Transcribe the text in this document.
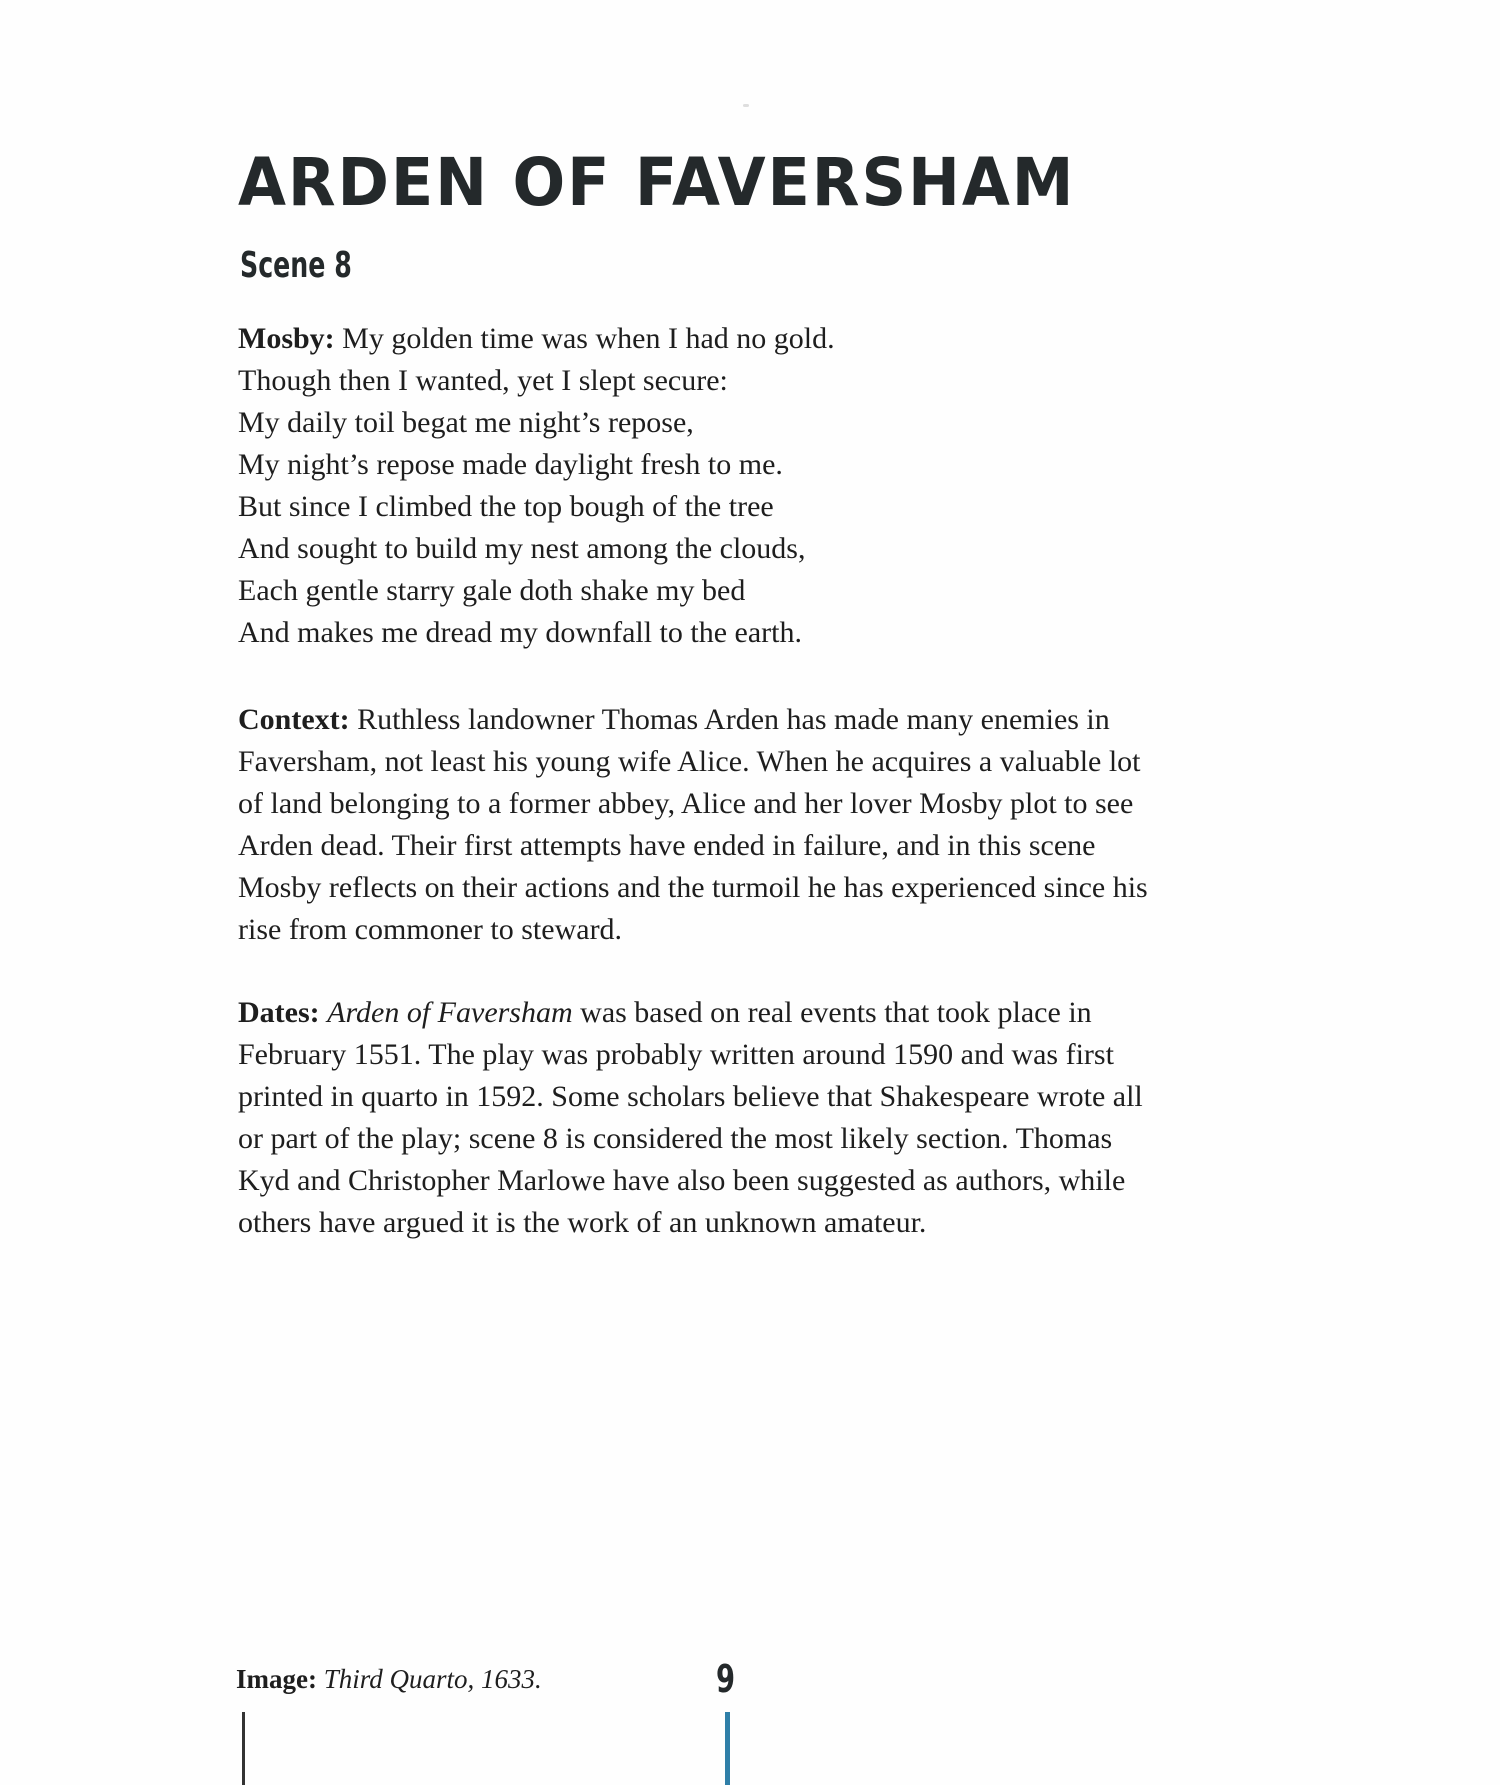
ARDEN OF FAVERSHAM
Scene 8
Mosby: My golden time was when I had no gold.
Though then I wanted, yet I slept secure:
My daily toil begat me night’s repose,
My night’s repose made daylight fresh to me.
But since I climbed the top bough of the tree
And sought to build my nest among the clouds,
Each gentle starry gale doth shake my bed
And makes me dread my downfall to the earth.
Context: Ruthless landowner Thomas Arden has made many enemies in
Faversham, not least his young wife Alice. When he acquires a valuable lot
of land belonging to a former abbey, Alice and her lover Mosby plot to see
Arden dead. Their first attempts have ended in failure, and in this scene
Mosby reflects on their actions and the turmoil he has experienced since his
rise from commoner to steward.
Dates: Arden of Faversham was based on real events that took place in
February 1551. The play was probably written around 1590 and was first
printed in quarto in 1592. Some scholars believe that Shakespeare wrote all
or part of the play; scene 8 is considered the most likely section. Thomas
Kyd and Christopher Marlowe have also been suggested as authors, while
others have argued it is the work of an unknown amateur.
Image: Third Quarto, 1633.	9
